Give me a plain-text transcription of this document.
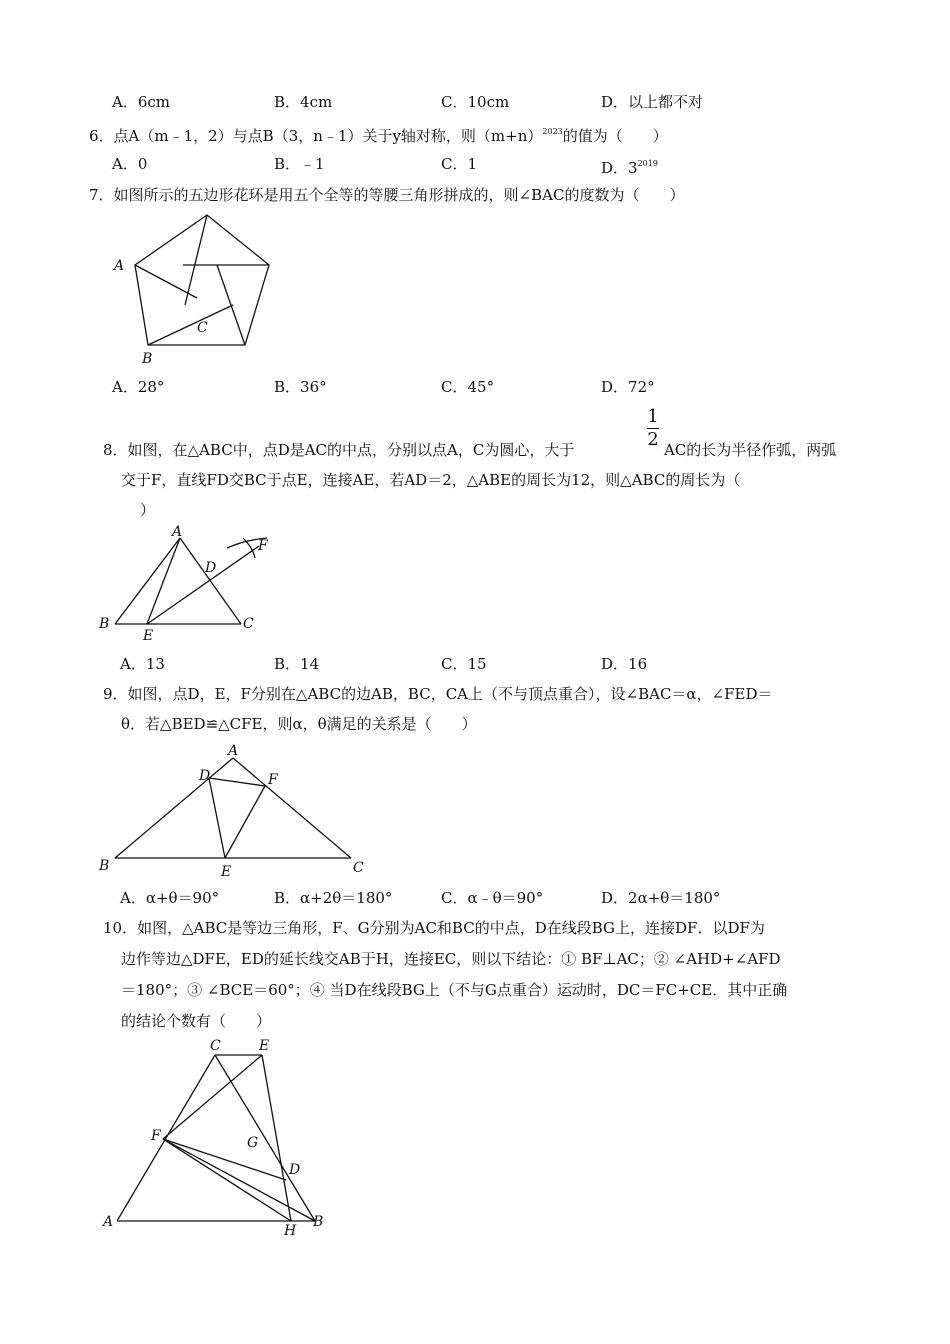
A．6cm	B．4cm	C．10cm	D．以上都不对
6．点A（m﹣1，2）与点B（3，n﹣1）关于y轴对称，则$(m+n)^{2023}$的值为（　　）
A．0	B．﹣1	C．1	D．$3^{2019}$
7．如图所示的五边形花环是用五个全等的等腰三角形拼成的，则∠BAC的度数为（　　）
A
B
C
A．28°	B．36°	C．45°	D．72°
1
2
8．如图，在△ABC中，点D是AC的中点，分别以点A，C为圆心，大于	AC的长为半径作弧，两弧
交于F，直线FD交BC于点E，连接AE，若AD＝2，△ABE的周长为12，则△ABC的周长为（
）
A
B	C
D
E
F
A．13	B．14	C．15	D．16
9．如图，点D，E，F分别在△ABC的边AB，BC，CA上（不与顶点重合），设∠BAC＝α，∠FED＝
θ．若△BED≌△CFE，则α，θ满足的关系是（　　）
A
B	C
D
E
F
A．α+θ＝90°	B．α+2θ＝180°	C．α﹣θ＝90°	D．2α+θ＝180°
10．如图，△ABC是等边三角形，F、G分别为AC和BC的中点，D在线段BG上，连接DF．以DF为
边作等边△DFE，ED的延长线交AB于H，连接EC，则以下结论：① BF⊥AC；② ∠AHD+∠AFD
＝180°；③ ∠BCE＝60°；④ 当D在线段BG上（不与G点重合）运动时，DC＝FC+CE．其中正确
的结论个数有（　　）
C	E
F	G
D
A	B
H
